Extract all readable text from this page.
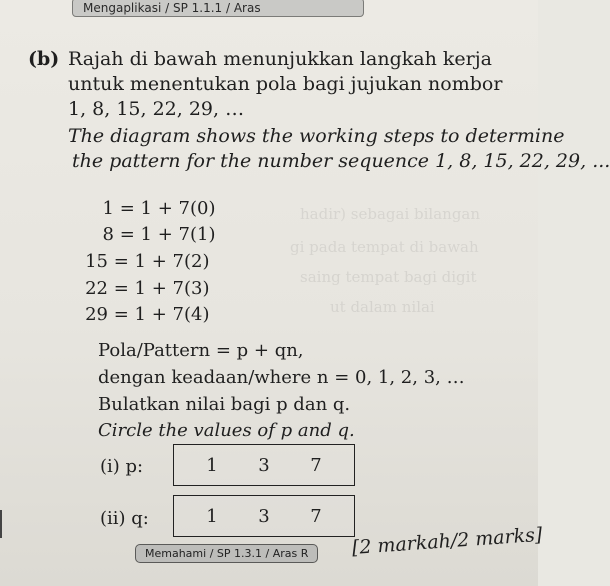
hadir) sebagai bilangan
gi pada tempat di bawah
saing tempat bagi digit
ut dalam nilai
Mengaplikasi / SP 1.1.1 / Aras
(b) Rajah di bawah menunjukkan langkah kerja
untuk menentukan pola bagi jujukan nombor
1, 8, 15, 22, 29, …
The diagram shows the working steps to determine
the pattern for the number sequence 1, 8, 15, 22, 29, ...
1 = 1 + 7(0)
8 = 1 + 7(1)
15 = 1 + 7(2)
22 = 1 + 7(3)
29 = 1 + 7(4)
Pola/Pattern = p + qn,
dengan keadaan/where n = 0, 1, 2, 3, …
Bulatkan nilai bagi p dan q.
Circle the values of p and q.
(i) p:	1	3	7
(ii) q:	1	3	7
Memahami / SP 1.3.1 / Aras R	[2 markah/2 marks]
